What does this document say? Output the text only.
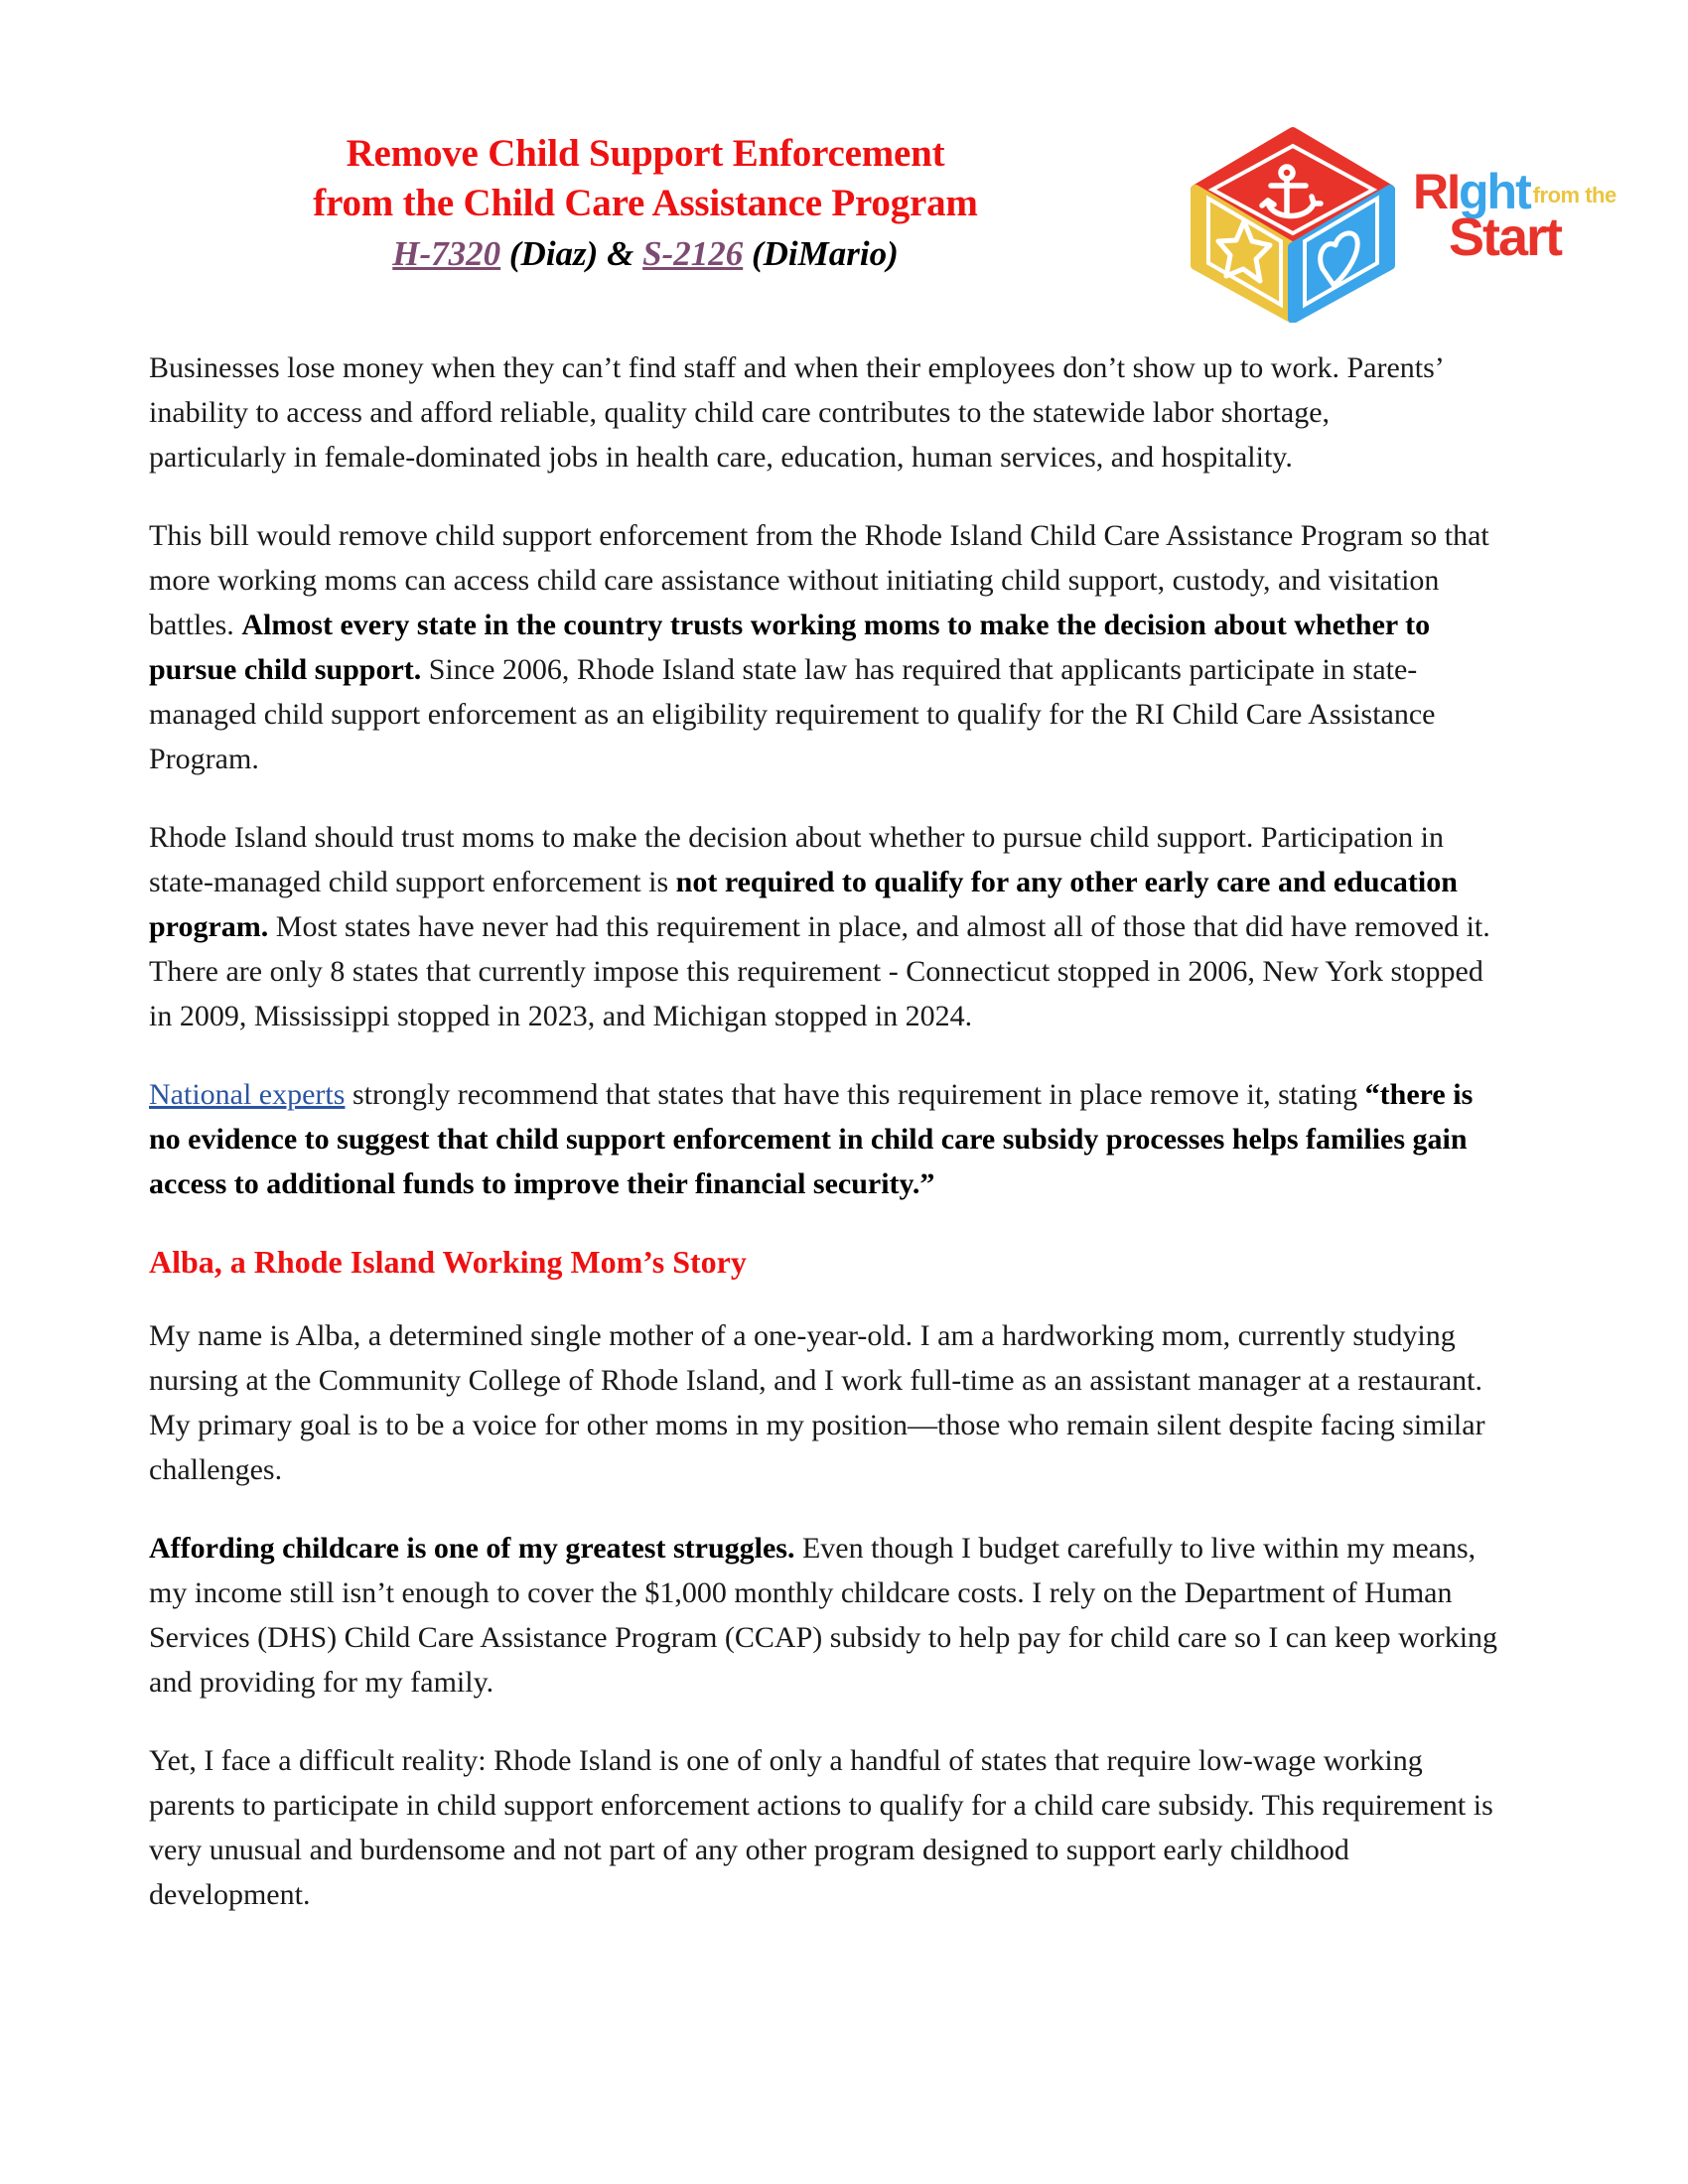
Remove Child Support Enforcement
from the Child Care Assistance Program
H-7320 (Diaz) & S-2126 (DiMario)
RIght from the
Start

Businesses lose money when they can’t find staff and when their employees don’t show up to work. Parents’ inability to access and afford reliable, quality child care contributes to the statewide labor shortage, particularly in female-dominated jobs in health care, education, human services, and hospitality.

This bill would remove child support enforcement from the Rhode Island Child Care Assistance Program so that more working moms can access child care assistance without initiating child support, custody, and visitation battles. Almost every state in the country trusts working moms to make the decision about whether to pursue child support. Since 2006, Rhode Island state law has required that applicants participate in state-managed child support enforcement as an eligibility requirement to qualify for the RI Child Care Assistance Program.

Rhode Island should trust moms to make the decision about whether to pursue child support. Participation in state-managed child support enforcement is not required to qualify for any other early care and education program. Most states have never had this requirement in place, and almost all of those that did have removed it. There are only 8 states that currently impose this requirement - Connecticut stopped in 2006, New York stopped in 2009, Mississippi stopped in 2023, and Michigan stopped in 2024.

National experts strongly recommend that states that have this requirement in place remove it, stating “there is no evidence to suggest that child support enforcement in child care subsidy processes helps families gain access to additional funds to improve their financial security.”

Alba, a Rhode Island Working Mom’s Story

My name is Alba, a determined single mother of a one-year-old. I am a hardworking mom, currently studying nursing at the Community College of Rhode Island, and I work full-time as an assistant manager at a restaurant. My primary goal is to be a voice for other moms in my position—those who remain silent despite facing similar challenges.

Affording childcare is one of my greatest struggles. Even though I budget carefully to live within my means, my income still isn’t enough to cover the $1,000 monthly childcare costs. I rely on the Department of Human Services (DHS) Child Care Assistance Program (CCAP) subsidy to help pay for child care so I can keep working and providing for my family.

Yet, I face a difficult reality: Rhode Island is one of only a handful of states that require low-wage working parents to participate in child support enforcement actions to qualify for a child care subsidy. This requirement is very unusual and burdensome and not part of any other program designed to support early childhood development.
